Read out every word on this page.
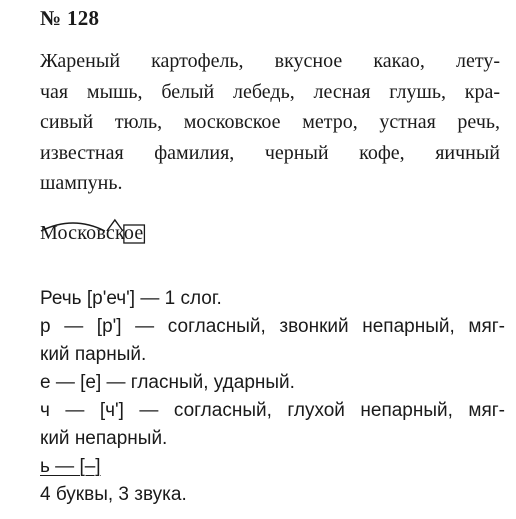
№ 128
Жареный картофель, вкусное какао, лету-
чая мышь, белый лебедь, лесная глушь, кра-
сивый тюль, московское метро, устная речь,
известная фамилия, черный кофе, яичный
шампунь.
Московское
Речь [р'еч'] — 1 слог.
р — [р'] — согласный, звонкий непарный, мяг-
кий парный.
е — [е] — гласный, ударный.
ч — [ч'] — согласный, глухой непарный, мяг-
кий непарный.
ь — [–]
4 буквы, 3 звука.
